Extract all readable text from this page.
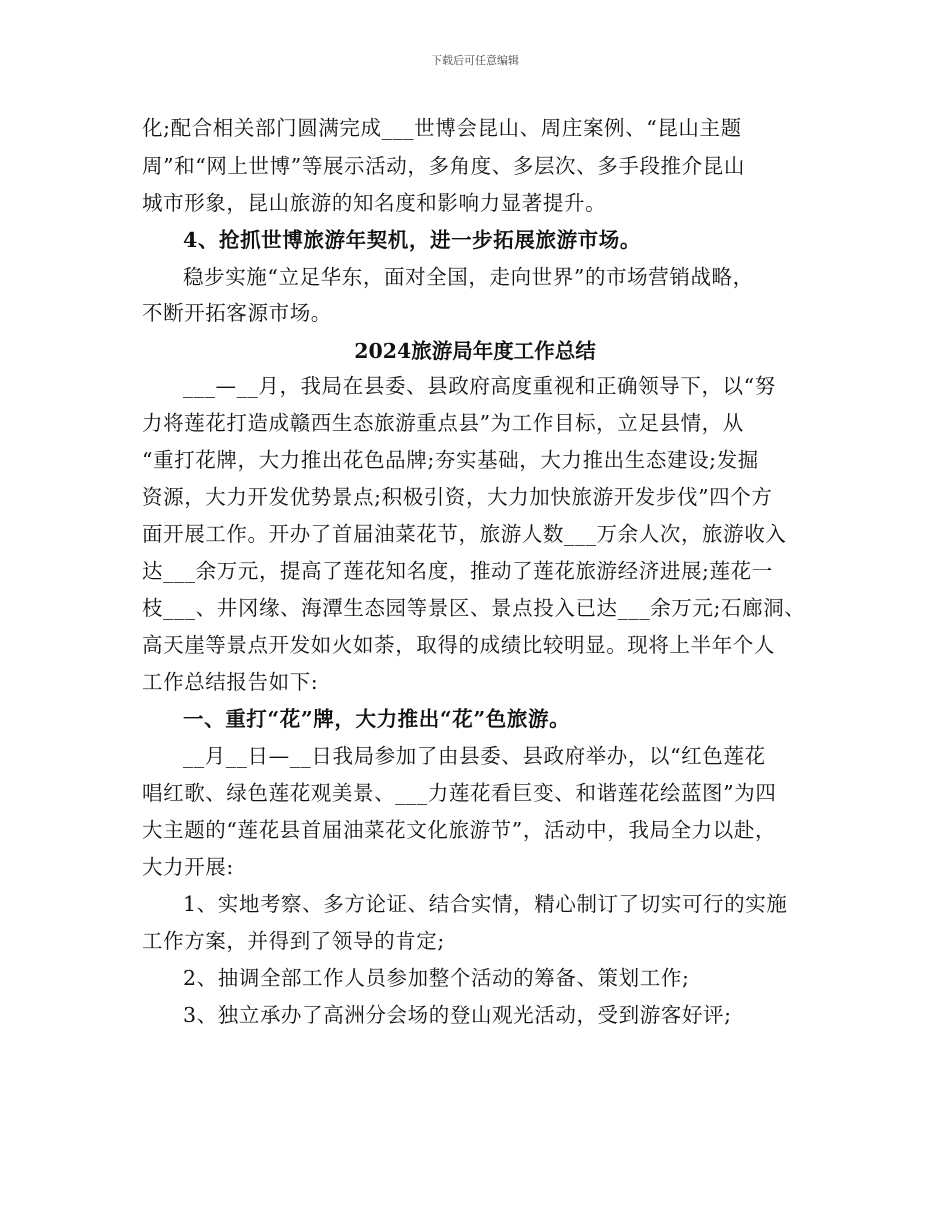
下载后可任意编辑
化;配合相关部门圆满完成___世博会昆山、周庄案例、“昆山主题
周”和“网上世博”等展示活动，多角度、多层次、多手段推介昆山
城市形象，昆山旅游的知名度和影响力显著提升。
4、抢抓世博旅游年契机，进一步拓展旅游市场。
稳步实施“立足华东，面对全国，走向世界”的市场营销战略，
不断开拓客源市场。
2024旅游局年度工作总结
___—__月，我局在县委、县政府高度重视和正确领导下，以“努
力将莲花打造成赣西生态旅游重点县”为工作目标，立足县情，从
“重打花牌，大力推出花色品牌;夯实基础，大力推出生态建设;发掘
资源，大力开发优势景点;积极引资，大力加快旅游开发步伐”四个方
面开展工作。开办了首届油菜花节，旅游人数___万余人次，旅游收入
达___余万元，提高了莲花知名度，推动了莲花旅游经济进展;莲花一
枝___、井冈缘、海潭生态园等景区、景点投入已达___余万元;石廊洞、
高天崖等景点开发如火如荼，取得的成绩比较明显。现将上半年个人
工作总结报告如下:
一、重打“花”牌，大力推出“花”色旅游。
__月__日—__日我局参加了由县委、县政府举办，以“红色莲花
唱红歌、绿色莲花观美景、___力莲花看巨变、和谐莲花绘蓝图”为四
大主题的“莲花县首届油菜花文化旅游节”，活动中，我局全力以赴，
大力开展:
1、实地考察、多方论证、结合实情，精心制订了切实可行的实施
工作方案，并得到了领导的肯定;
2、抽调全部工作人员参加整个活动的筹备、策划工作;
3、独立承办了高洲分会场的登山观光活动，受到游客好评;
